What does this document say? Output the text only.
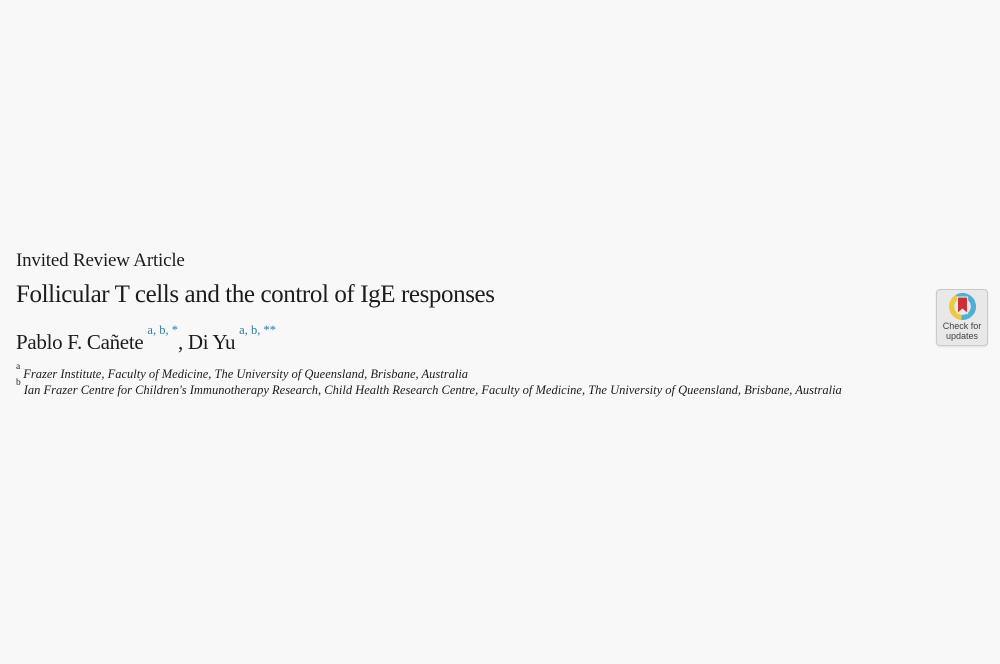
Invited Review Article

Follicular T cells and the control of IgE responses

Pablo F. Cañete $^{a, b, *}$, Di Yu $^{a, b, **}$

$^a$Frazer Institute, Faculty of Medicine, The University of Queensland, Brisbane, Australia

$^b$Ian Frazer Centre for Children's Immunotherapy Research, Child Health Research Centre, Faculty of Medicine, The University of Queensland, Brisbane, Australia

Check for
updates
